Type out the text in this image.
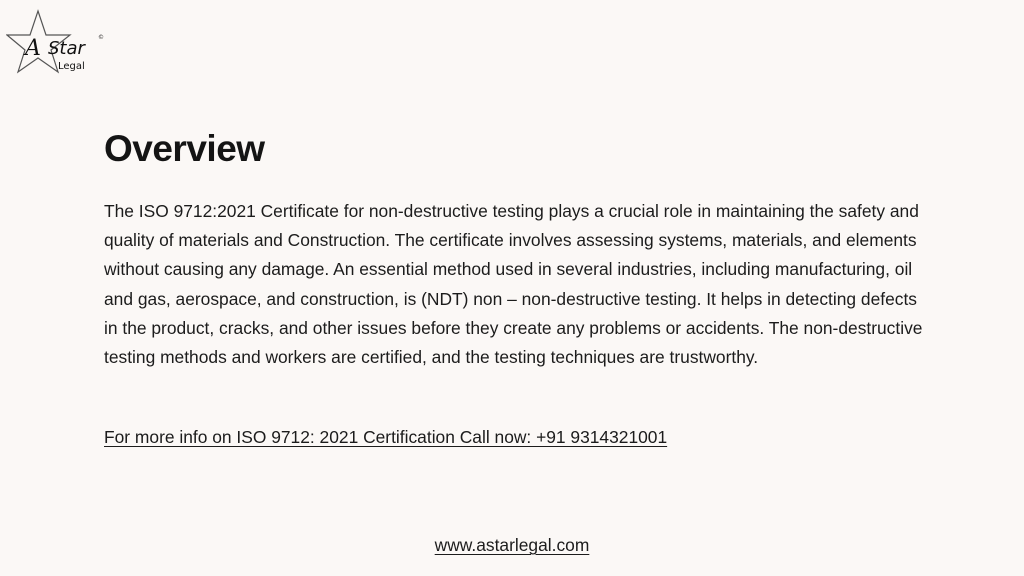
A Star
Legal
©
Overview

The ISO 9712:2021 Certificate for non-destructive testing plays a crucial role in maintaining the safety and quality of materials and Construction. The certificate involves assessing systems, materials, and elements without causing any damage. An essential method used in several industries, including manufacturing, oil and gas, aerospace, and construction, is (NDT) non – non-destructive testing. It helps in detecting defects in the product, cracks, and other issues before they create any problems or accidents. The non-destructive testing methods and workers are certified, and the testing techniques are trustworthy.

For more info on ISO 9712: 2021 Certification Call now: +91 9314321001
www.astarlegal.com
